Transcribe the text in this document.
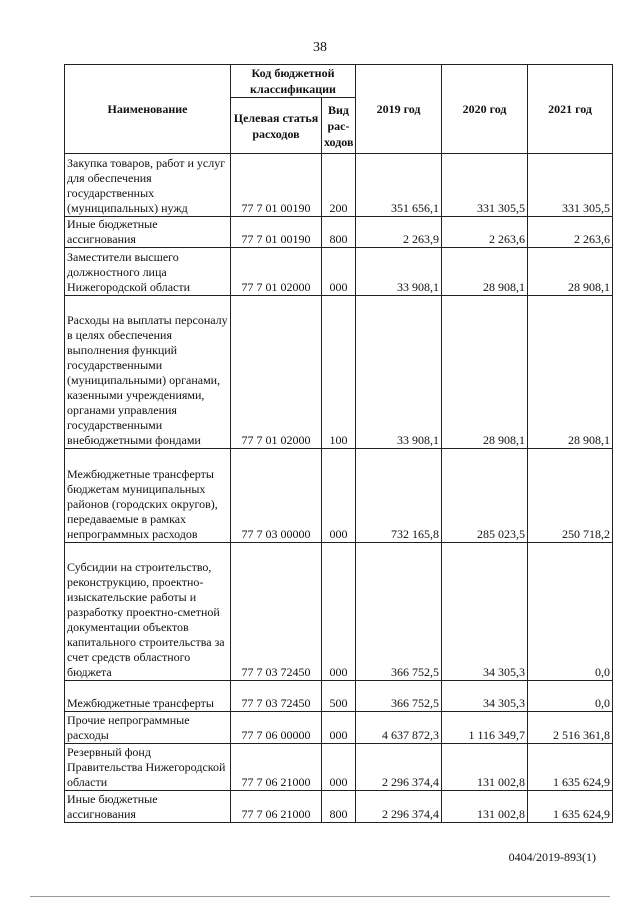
38
Наименование	Код бюджетной классификации		2019 год	2020 год	2021 год
	Целевая статья расходов	Вид рас-ходов			
Закупка товаров, работ и услуг для обеспечения государственных (муниципальных) нужд	77 7 01 00190	200	351 656,1	331 305,5	331 305,5
Иные бюджетные ассигнования	77 7 01 00190	800	2 263,9	2 263,6	2 263,6
Заместители высшего должностного лица Нижегородской области	77 7 01 02000	000	33 908,1	28 908,1	28 908,1
Расходы на выплаты персоналу в целях обеспечения выполнения функций государственными (муниципальными) органами, казенными учреждениями, органами управления государственными внебюджетными фондами	77 7 01 02000	100	33 908,1	28 908,1	28 908,1
Межбюджетные трансферты бюджетам муниципальных районов (городских округов), передаваемые в рамках непрограммных расходов	77 7 03 00000	000	732 165,8	285 023,5	250 718,2
Субсидии на строительство, реконструкцию, проектно-изыскательские работы и разработку проектно-сметной документации объектов капитального строительства за счет средств областного бюджета	77 7 03 72450	000	366 752,5	34 305,3	0,0
Межбюджетные трансферты	77 7 03 72450	500	366 752,5	34 305,3	0,0
Прочие непрограммные расходы	77 7 06 00000	000	4 637 872,3	1 116 349,7	2 516 361,8
Резервный фонд Правительства Нижегородской области	77 7 06 21000	000	2 296 374,4	131 002,8	1 635 624,9
Иные бюджетные ассигнования	77 7 06 21000	800	2 296 374,4	131 002,8	1 635 624,9
0404/2019-893(1)
